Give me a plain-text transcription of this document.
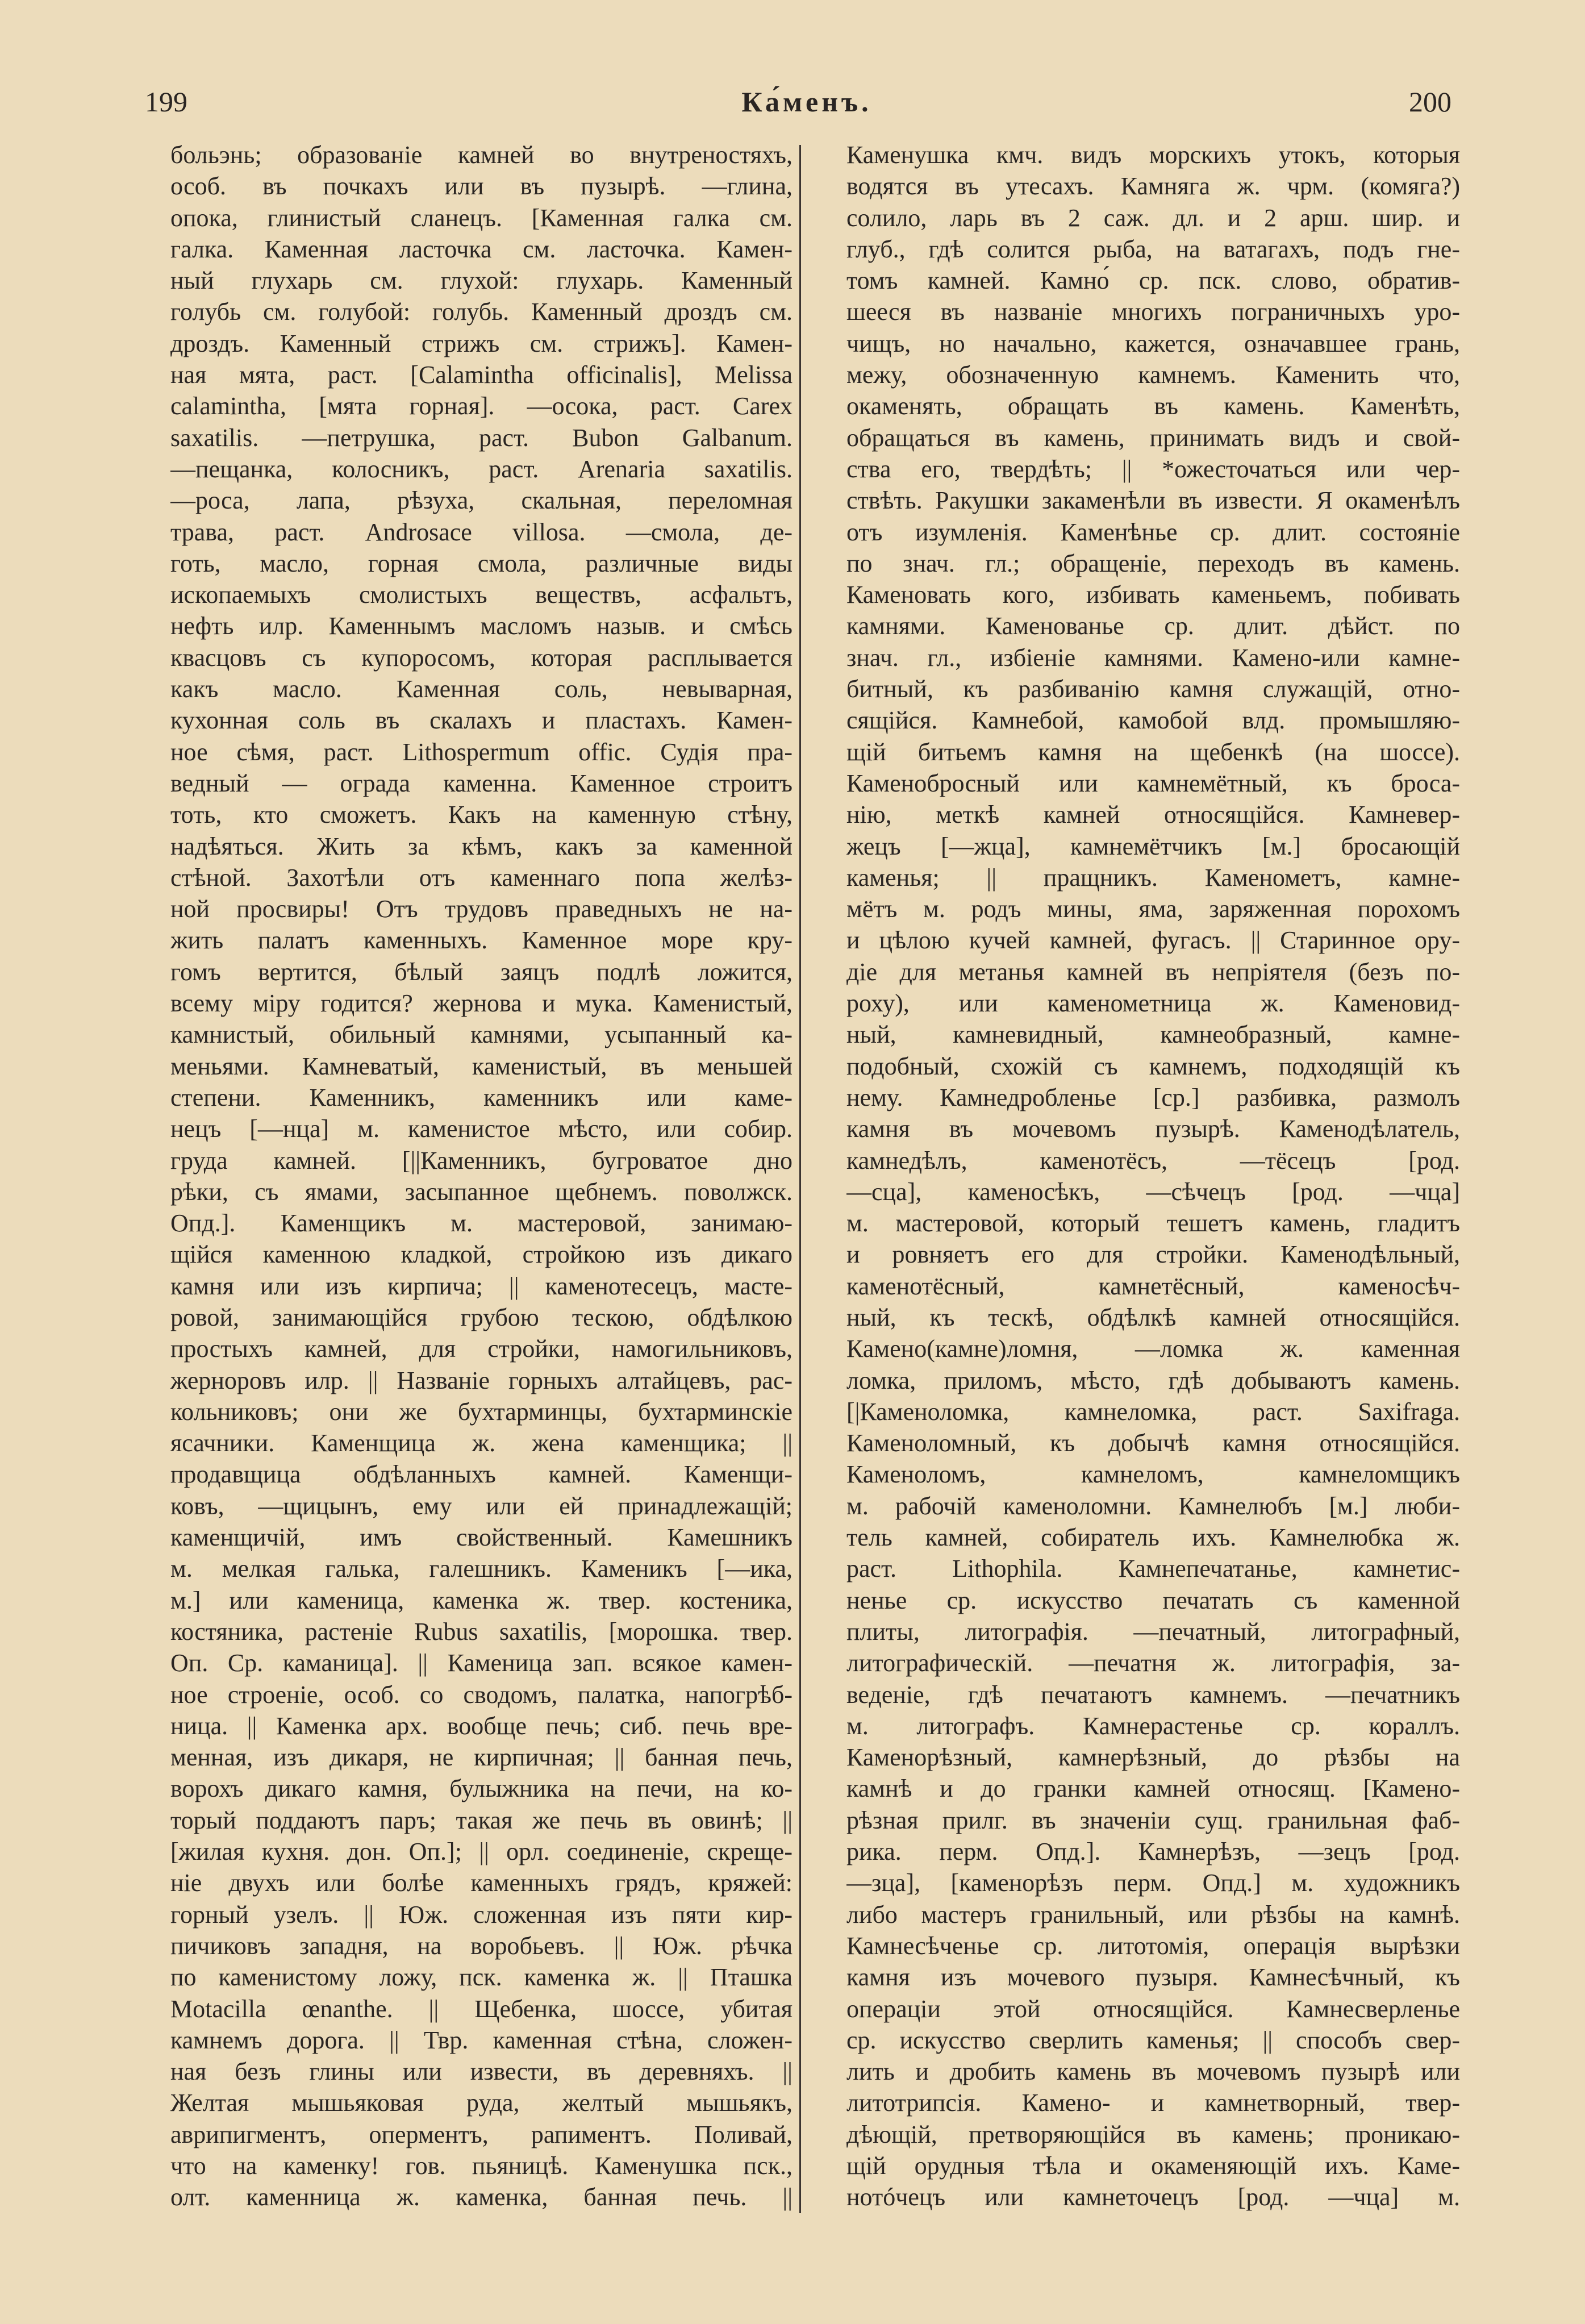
199	Ка́менъ.	200
больэнь; образованіе камней во внутреностяхъ,
особ. въ почкахъ или въ пузырѣ. —глина,
опока, глинистый сланецъ. [Каменная галка см.
галка. Каменная ласточка см. ласточка. Камен-
ный глухарь см. глухой: глухарь. Каменный
голубь см. голубой: голубь. Каменный дроздъ см.
дроздъ. Каменный стрижъ см. стрижъ]. Камен-
ная мята, раст. [Calamintha officinalis], Melissa
calamintha, [мята горная]. —осока, раст. Carex
saxatilis. —петрушка, раст. Bubon Galbanum.
—пещанка, колосникъ, раст. Arenaria saxatilis.
—роса, лапа, рѣзуха, скальная, переломная
трава, раст. Androsace villosa. —смола, де-
готь, масло, горная смола, различные виды
ископаемыхъ смолистыхъ веществъ, асфальтъ,
нефть илр. Каменнымъ масломъ назыв. и смѣсь
квасцовъ съ купоросомъ, которая расплывается
какъ масло. Каменная соль, невыварная,
кухонная соль въ скалахъ и пластахъ. Камен-
ное сѣмя, раст. Lithospermum offic. Судія пра-
ведный — ограда каменна. Каменное строитъ
тоть, кто сможетъ. Какъ на каменную стѣну,
надѣяться. Жить за кѣмъ, какъ за каменной
стѣной. Захотѣли отъ каменнаго попа желѣз-
ной просвиры! Отъ трудовъ праведныхъ не на-
жить палатъ каменныхъ. Каменное море кру-
гомъ вертится, бѣлый заяцъ подлѣ ложится,
всему міру годится? жернова и мука. Каменистый,
камнистый, обильный камнями, усыпанный ка-
меньями. Камневатый, каменистый, въ меньшей
степени. Каменникъ, каменникъ или каме-
нецъ [—нца] м. каменистое мѣсто, или собир.
груда камней. [||Каменникъ, бугроватое дно
рѣки, съ ямами, засыпанное щебнемъ. поволжск.
Опд.]. Каменщикъ м. мастеровой, занимаю-
щійся каменною кладкой, стройкою изъ дикаго
камня или изъ кирпича; || каменотесецъ, масте-
ровой, занимающійся грубою тескою, обдѣлкою
простыхъ камней, для стройки, намогильниковъ,
жерноровъ илр. || Названіе горныхъ алтайцевъ, рас-
кольниковъ; они же бухтарминцы, бухтарминскіе
ясачники. Каменщица ж. жена каменщика; ||
продавщица обдѣланныхъ камней. Каменщи-
ковъ, —щицынъ, ему или ей принадлежащій;
каменщичій, имъ свойственный. Камешникъ
м. мелкая галька, галешникъ. Каменикъ [—ика,
м.] или каменица, каменка ж. твер. костеника,
костяника, растеніе Rubus saxatilis, [морошка. твер.
Оп. Ср. каманица]. || Каменица зап. всякое камен-
ное строеніе, особ. со сводомъ, палатка, напогрѣб-
ница. || Каменка арх. вообще печь; сиб. печь вре-
менная, изъ дикаря, не кирпичная; || банная печь,
ворохъ дикаго камня, булыжника на печи, на ко-
торый поддаютъ паръ; такая же печь въ овинѣ; ||
[жилая кухня. дон. Оп.]; || орл. соединеніе, скреще-
ніе двухъ или болѣе каменныхъ грядъ, кряжей:
горный узелъ. || Юж. сложенная изъ пяти кир-
пичиковъ западня, на воробьевъ. || Юж. рѣчка
по каменистому ложу, пск. каменка ж. || Пташка
Motacilla œnanthe. || Щебенка, шоссе, убитая
камнемъ дорога. || Твр. каменная стѣна, сложен-
ная безъ глины или извести, въ деревняхъ. ||
Желтая мышьяковая руда, желтый мышьякъ,
аврипигментъ, оперментъ, рапиментъ. Поливай,
что на каменку! гов. пьяницѣ. Каменушка пск.,
олт. каменница ж. каменка, банная печь. ||
Каменушка кмч. видъ морскихъ утокъ, которыя
водятся въ утесахъ. Камняга ж. чрм. (комяга?)
солило, ларь въ 2 саж. дл. и 2 арш. шир. и
глуб., гдѣ солится рыба, на ватагахъ, подъ гне-
томъ камней. Камно́ ср. пск. слово, обратив-
шееся въ названіе многихъ пограничныхъ уро-
чищъ, но начально, кажется, означавшее грань,
межу, обозначенную камнемъ. Каменить что,
окаменять, обращать въ камень. Каменѣть,
обращаться въ камень, принимать видъ и свой-
ства его, твердѣть; || *ожесточаться или чер-
ствѣть. Ракушки закаменѣли въ извести. Я окаменѣлъ
отъ изумленія. Каменѣнье ср. длит. состояніе
по знач. гл.; обращеніе, переходъ въ камень.
Каменовать кого, избивать каменьемъ, побивать
камнями. Каменованье ср. длит. дѣйст. по
знач. гл., избіеніе камнями. Камено-или камне-
битный, къ разбиванію камня служащій, отно-
сящійся. Камнебой, камобой влд. промышляю-
щій битьемъ камня на щебенкѣ (на шоссе).
Каменобросный или камнемётный, къ броса-
нію, меткѣ камней относящійся. Камневер-
жецъ [—жца], камнемётчикъ [м.] бросающій
каменья; || пращникъ. Каменометъ, камне-
мётъ м. родъ мины, яма, заряженная порохомъ
и цѣлою кучей камней, фугасъ. || Старинное ору-
діе для метанья камней въ непріятеля (безъ по-
роху), или каменометница ж. Каменовид-
ный, камневидный, камнеобразный, камне-
подобный, схожій съ камнемъ, подходящій къ
нему. Камнедробленье [ср.] разбивка, размолъ
камня въ мочевомъ пузырѣ. Каменодѣлатель,
камнедѣлъ, каменотёсъ, —тёсецъ [род.
—сца], каменосѣкъ, —сѣчецъ [род. —чца]
м. мастеровой, который тешетъ камень, гладитъ
и ровняетъ его для стройки. Каменодѣльный,
каменотёсный, камнетёсный, каменосѣч-
ный, къ тескѣ, обдѣлкѣ камней относящійся.
Камено(камне)ломня, —ломка ж. каменная
ломка, приломъ, мѣсто, гдѣ добываютъ камень.
[|Каменоломка, камнеломка, раст. Saxifraga.
Каменоломный, къ добычѣ камня относящійся.
Каменоломъ, камнеломъ, камнеломщикъ
м. рабочій каменоломни. Камнелюбъ [м.] люби-
тель камней, собиратель ихъ. Камнелюбка ж.
раст. Lithophila. Камнепечатанье, камнетис-
ненье ср. искусство печатать съ каменной
плиты, литографія. —печатный, литографный,
литографическій. —печатня ж. литографія, за-
веденіе, гдѣ печатаютъ камнемъ. —печатникъ
м. литографъ. Камнерастенье ср. кораллъ.
Каменорѣзный, камнерѣзный, до рѣзбы на
камнѣ и до гранки камней относящ. [Камено-
рѣзная прилг. въ значеніи сущ. гранильная фаб-
рика. перм. Опд.]. Камнерѣзъ, —зецъ [род.
—зца], [каменорѣзъ перм. Опд.] м. художникъ
либо мастеръ гранильный, или рѣзбы на камнѣ.
Камнесѣченье ср. литотомія, операція вырѣзки
камня изъ мочевого пузыря. Камнесѣчный, къ
операціи этой относящійся. Камнесверленье
ср. искусство сверлить каменья; || способъ свер-
лить и дробить камень въ мочевомъ пузырѣ или
литотрипсія. Камено- и камнетворный, твер-
дѣющій, претворяющійся въ камень; проникаю-
щій орудныя тѣла и окаменяющій ихъ. Каме-
нотóчецъ или камнеточецъ [род. —чца] м.
